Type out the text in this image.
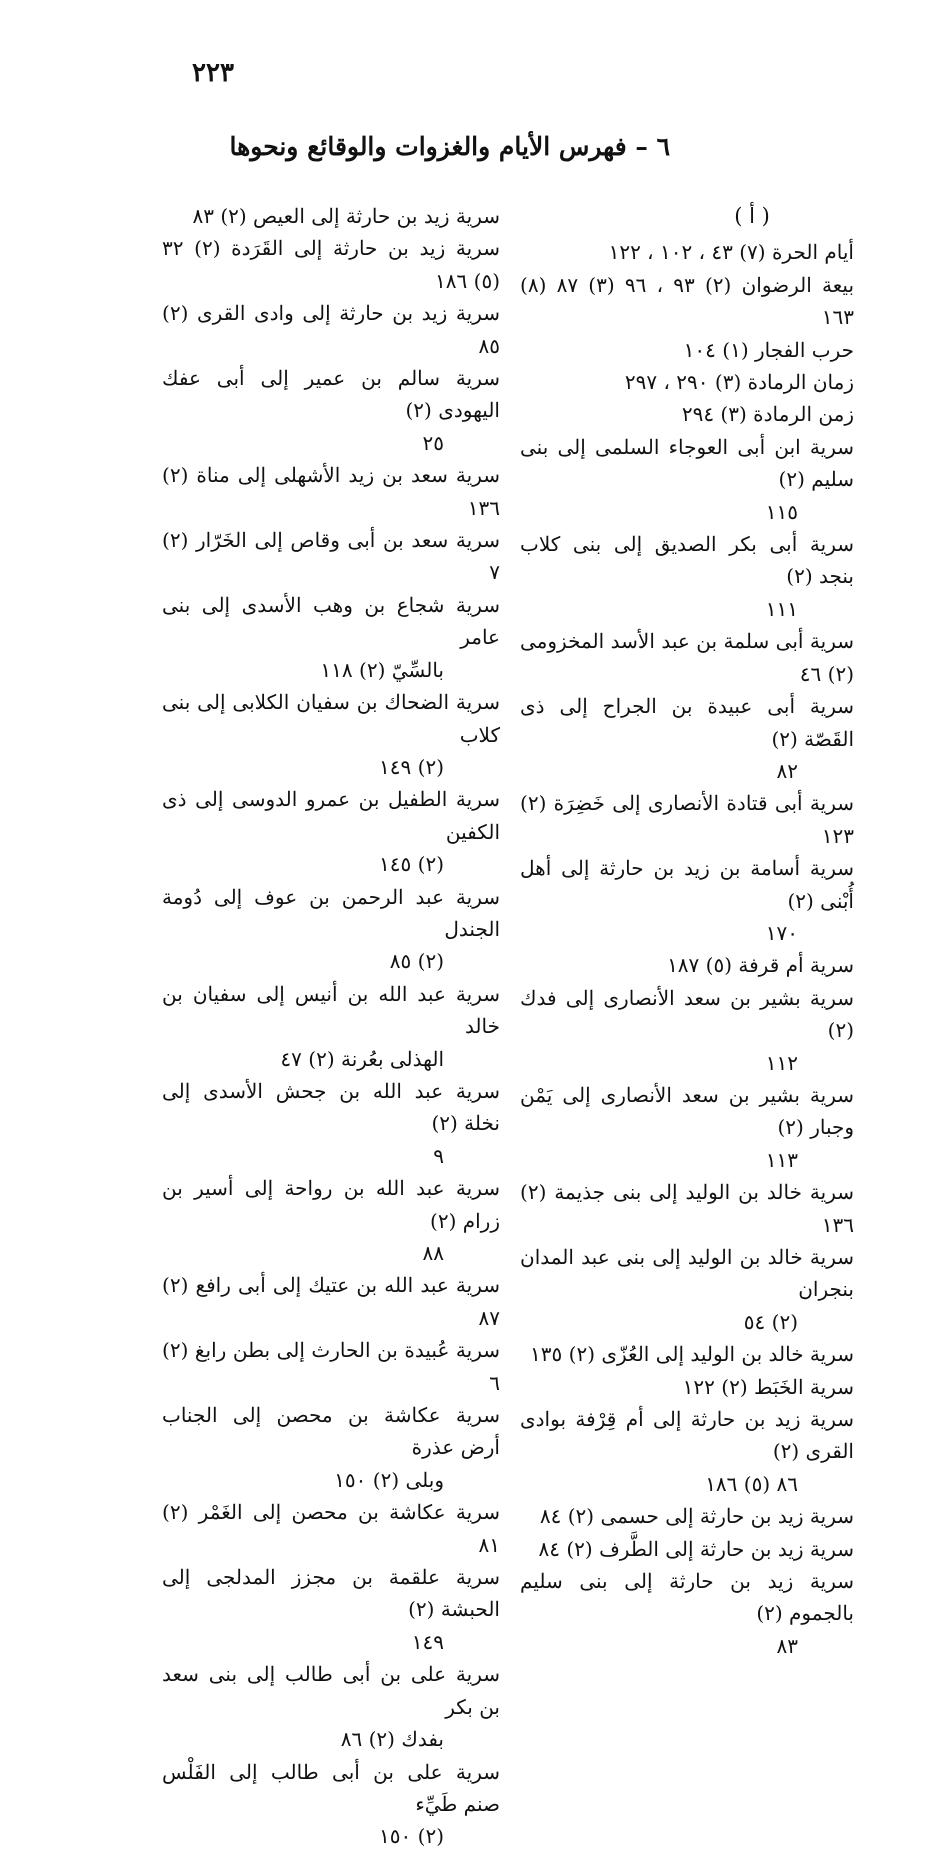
٢٢٣
٦ – فهرس الأيام والغزوات والوقائع ونحوها
( أ )
أيام الحرة (٧) ٤٣ ، ١٠٢ ، ١٢٢
بيعة الرضوان (٢) ٩٣ ، ٩٦ (٣) ٨٧ (٨) ١٦٣
حرب الفجار (١) ١٠٤
زمان الرمادة (٣) ٢٩٠ ، ٢٩٧
زمن الرمادة (٣) ٢٩٤
سرية ابن أبى العوجاء السلمى إلى بنى سليم (٢)
١١٥
سرية أبى بكر الصديق إلى بنى كلاب بنجد (٢)
١١١
سرية أبى سلمة بن عبد الأسد المخزومى (٢) ٤٦
سرية أبى عبيدة بن الجراح إلى ذى القَصّة (٢)
٨٢
سرية أبى قتادة الأنصارى إلى خَضِرَة (٢) ١٢٣
سرية أسامة بن زيد بن حارثة إلى أهل أُبْنى (٢)
١٧٠
سرية أم قرفة (٥) ١٨٧
سرية بشير بن سعد الأنصارى إلى فدك (٢)
١١٢
سرية بشير بن سعد الأنصارى إلى يَمْن وجبار (٢)
١١٣
سرية خالد بن الوليد إلى بنى جذيمة (٢) ١٣٦
سرية خالد بن الوليد إلى بنى عبد المدان بنجران
(٢) ٥٤
سرية خالد بن الوليد إلى العُزّى (٢) ١٣٥
سرية الخَبَط (٢) ١٢٢
سرية زيد بن حارثة إلى أم قِرْفة بوادى القرى (٢)
٨٦ (٥) ١٨٦
سرية زيد بن حارثة إلى حسمى (٢) ٨٤
سرية زيد بن حارثة إلى الطَّرف (٢) ٨٤
سرية زيد بن حارثة إلى بنى سليم بالجموم (٢)
٨٣
سرية زيد بن حارثة إلى العيص (٢) ٨٣
سرية زيد بن حارثة إلى القَرَدة (٢) ٣٢ (٥) ١٨٦
سرية زيد بن حارثة إلى وادى القرى (٢) ٨٥
سرية سالم بن عمير إلى أبى عفك اليهودى (٢)
٢٥
سرية سعد بن زيد الأشهلى إلى مناة (٢) ١٣٦
سرية سعد بن أبى وقاص إلى الخَرّار (٢) ٧
سرية شجاع بن وهب الأسدى إلى بنى عامر
بالسِّيّ (٢) ١١٨
سرية الضحاك بن سفيان الكلابى إلى بنى كلاب
(٢) ١٤٩
سرية الطفيل بن عمرو الدوسى إلى ذى الكفين
(٢) ١٤٥
سرية عبد الرحمن بن عوف إلى دُومة الجندل
(٢) ٨٥
سرية عبد الله بن أنيس إلى سفيان بن خالد
الهذلى بعُرنة (٢) ٤٧
سرية عبد الله بن جحش الأسدى إلى نخلة (٢)
٩
سرية عبد الله بن رواحة إلى أسير بن زرام (٢)
٨٨
سرية عبد الله بن عتيك إلى أبى رافع (٢) ٨٧
سرية عُبيدة بن الحارث إلى بطن رابغ (٢) ٦
سرية عكاشة بن محصن إلى الجناب أرض عذرة
وبلى (٢) ١٥٠
سرية عكاشة بن محصن إلى الغَمْر (٢) ٨١
سرية علقمة بن مجزز المدلجى إلى الحبشة (٢)
١٤٩
سرية على بن أبى طالب إلى بنى سعد بن بكر
بفدك (٢) ٨٦
سرية على بن أبى طالب إلى الفَلْس صنم طَيِّء
(٢) ١٥٠
